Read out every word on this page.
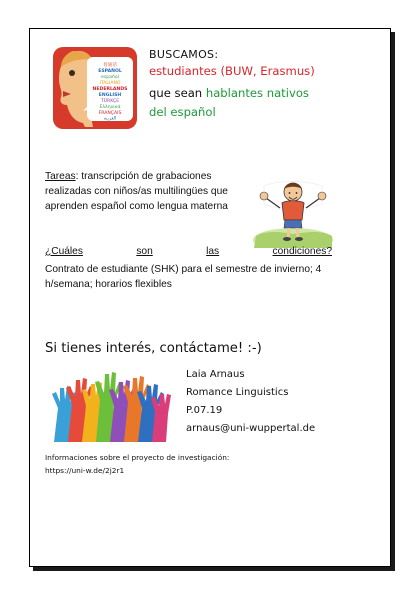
普通话
ESPAÑOL
español
ITALIANO
NEDERLANDS
ENGLISH
TÜRKÇE
Ελληνικά
FRANÇAIS
العربية
BUSCAMOS:
estudiantes (BUW, Erasmus)
que sean hablantes nativos
del español
Tareas: transcripción de grabaciones realizadas con niños/as multilingües que aprenden español como lengua materna
¿Cuáles	son	las	condiciones?
Contrato de estudiante (SHK) para el semestre de invierno; 4 h/semana; horarios flexibles
Si tienes interés, contáctame! :-)
Laia Arnaus
Romance Linguistics
P.07.19
arnaus@uni-wuppertal.de
Informaciones sobre el proyecto de investigación:
https://uni-w.de/2j2r1
